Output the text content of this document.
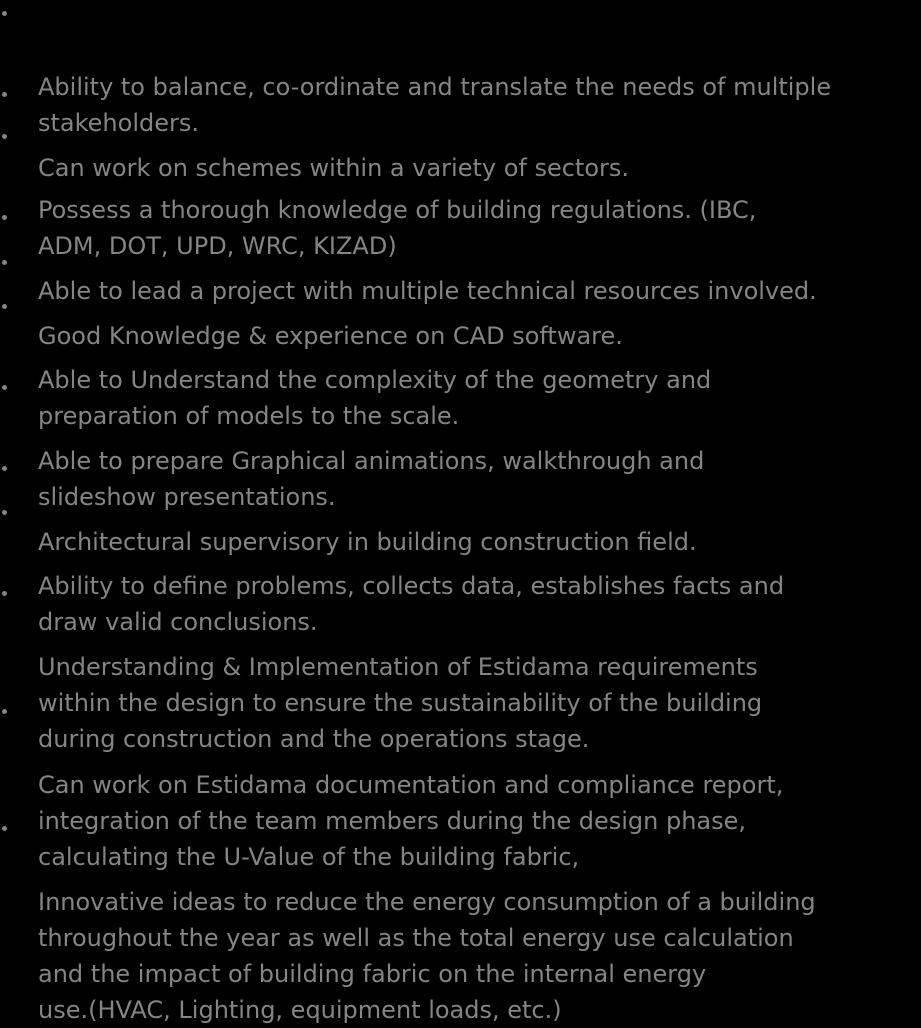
Ability to balance, co-ordinate and translate the needs of multiple
stakeholders.

Can work on schemes within a variety of sectors.

Possess a thorough knowledge of building regulations. (IBC,
ADM, DOT, UPD, WRC, KIZAD)

Able to lead a project with multiple technical resources involved.

Good Knowledge & experience on CAD software.

Able to Understand the complexity of the geometry and
preparation of models to the scale.

Able to prepare Graphical animations, walkthrough and
slideshow presentations.

Architectural supervisory in building construction field.

Ability to define problems, collects data, establishes facts and
draw valid conclusions.

Understanding & Implementation of Estidama requirements
within the design to ensure the sustainability of the building
during construction and the operations stage.

Can work on Estidama documentation and compliance report,
integration of the team members during the design phase,
calculating the U-Value of the building fabric,

Innovative ideas to reduce the energy consumption of a building
throughout the year as well as the total energy use calculation
and the impact of building fabric on the internal energy
use.(HVAC, Lighting, equipment loads, etc.)
